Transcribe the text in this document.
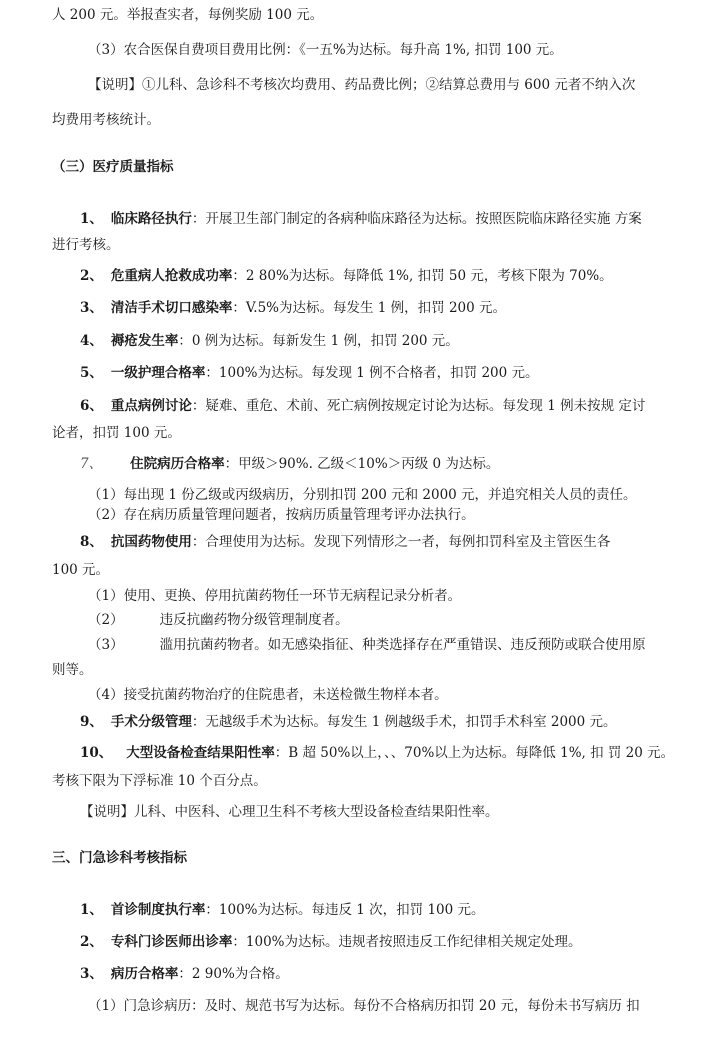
人 200 元。举报查实者，每例奖励 100 元。
（3）农合医保自费项目费用比例：《一五%为达标。每升高 1%, 扣罚 100 元。
【说明】①儿科、急诊科不考核次均费用、药品费比例；②结算总费用与 600 元者不纳入次
均费用考核统计。
（三）医疗质量指标
1、 临床路径执行：开展卫生部门制定的各病种临床路径为达标。按照医院临床路径实施 方案
进行考核。
2、 危重病人抢救成功率：2 80%为达标。每降低 1%, 扣罚 50 元，考核下限为 70%。
3、 清洁手术切口感染率：V.5%为达标。每发生 1 例，扣罚 200 元。
4、 褥疮发生率：0 例为达标。每新发生 1 例，扣罚 200 元。
5、 一级护理合格率：100%为达标。每发现 1 例不合格者，扣罚 200 元。
6、 重点病例讨论：疑难、重危、术前、死亡病例按规定讨论为达标。每发现 1 例未按规 定讨
论者，扣罚 100 元。
7、 住院病历合格率：甲级＞90%. 乙级＜10%＞丙级 0 为达标。
（1）每出现 1 份乙级或丙级病历，分别扣罚 200 元和 2000 元，并追究相关人员的责任。
（2）存在病历质量管理问题者，按病历质量管理考评办法执行。
8、 抗国药物使用：合理使用为达标。发现下列情形之一者，每例扣罚科室及主管医生各
100 元。
（1）使用、更换、停用抗菌药物任一环节无病程记录分析者。
（2）	违反抗幽药物分级管理制度者。
（3）	滥用抗菌药物者。如无感染指征、种类选择存在严重错误、违反预防或联合使用原
则等。
（4）接受抗菌药物治疗的住院患者，未送检微生物样本者。
9、 手术分级管理：无越级手术为达标。每发生 1 例越级手术，扣罚手术科室 2000 元。
10、 大型设备检查结果阳性率：B 超 50%以上，、、70%以上为达标。每降低 1%, 扣 罚 20 元。
考核下限为下浮标准 10 个百分点。
【说明】儿科、中医科、心理卫生科不考核大型设备检查结果阳性率。
三、门急诊科考核指标
1、 首诊制度执行率：100%为达标。每违反 1 次，扣罚 100 元。
2、 专科门诊医师出诊率：100%为达标。违规者按照违反工作纪律相关规定处理。
3、 病历合格率：2 90%为合格。
（1）门急诊病历：及时、规范书写为达标。每份不合格病历扣罚 20 元，每份未书写病历 扣
